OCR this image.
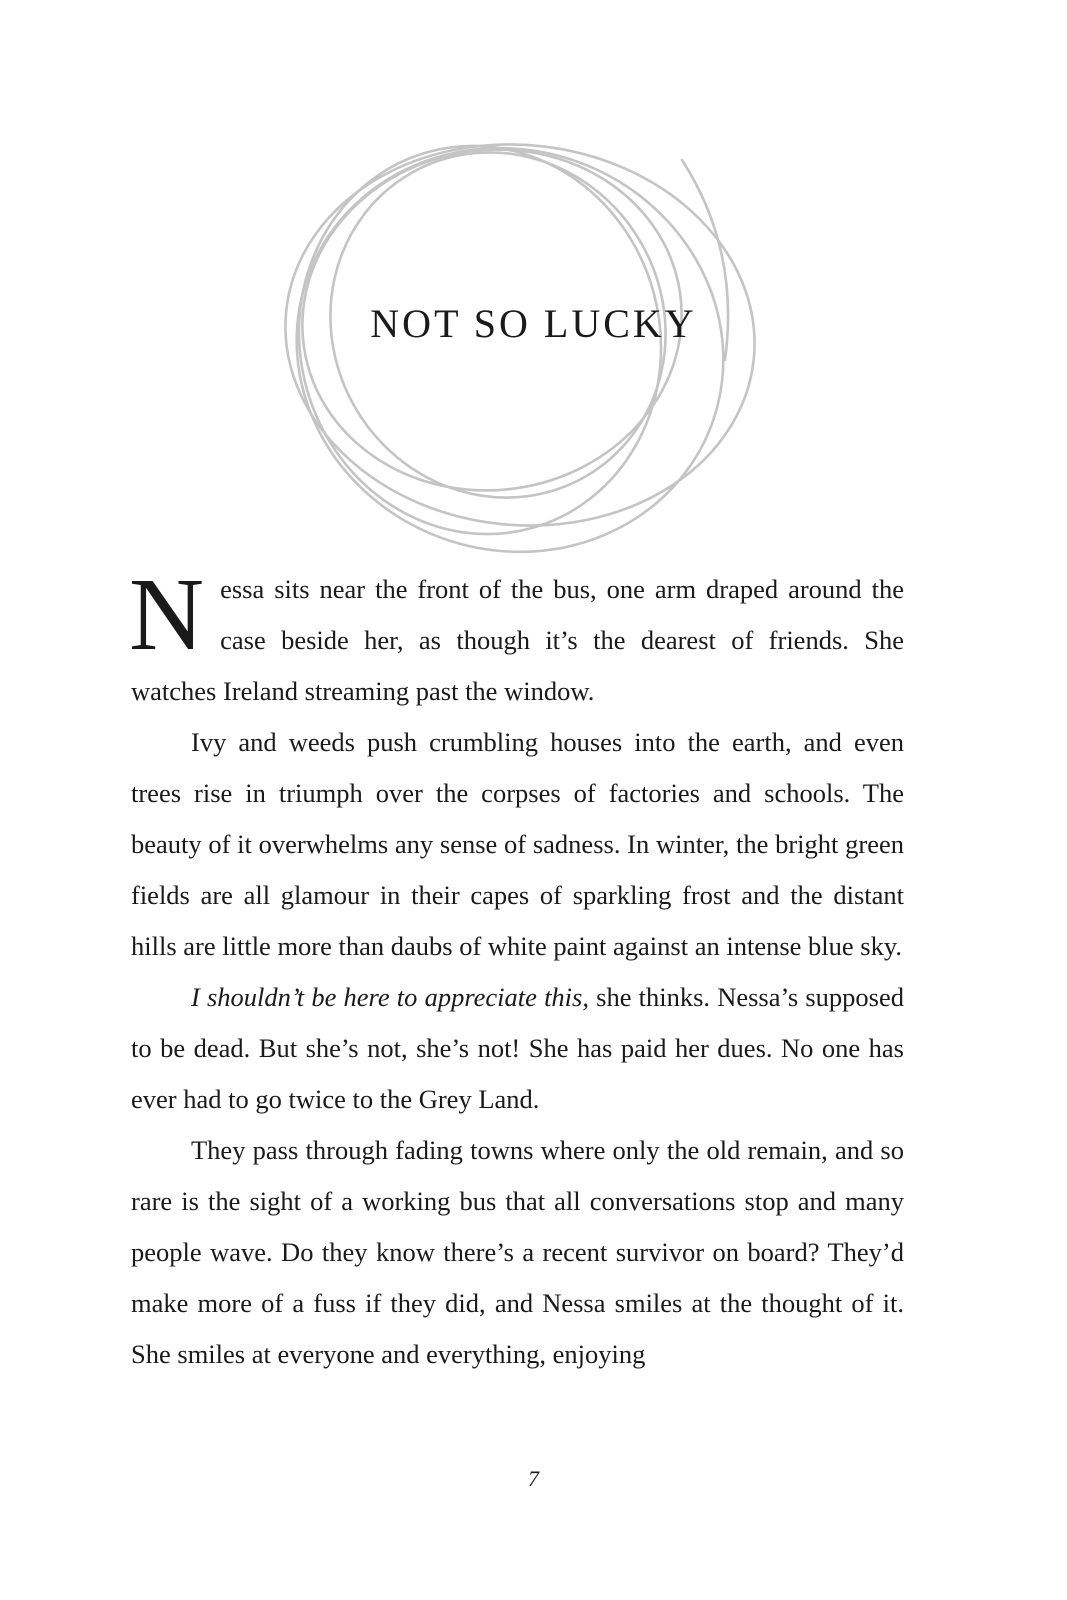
NOT SO LUCKY

Nessa sits near the front of the bus, one arm draped around the case beside her, as though it’s the dearest of friends. She watches Ireland streaming past the window.

Ivy and weeds push crumbling houses into the earth, and even trees rise in triumph over the corpses of factories and schools. The beauty of it overwhelms any sense of sadness. In winter, the bright green fields are all glamour in their capes of sparkling frost and the distant hills are little more than daubs of white paint against an intense blue sky.

I shouldn’t be here to appreciate this, she thinks. Nessa’s supposed to be dead. But she’s not, she’s not! She has paid her dues. No one has ever had to go twice to the Grey Land.

They pass through fading towns where only the old remain, and so rare is the sight of a working bus that all conversations stop and many people wave. Do they know there’s a recent survivor on board? They’d make more of a fuss if they did, and Nessa smiles at the thought of it. She smiles at everyone and everything, enjoying

7
